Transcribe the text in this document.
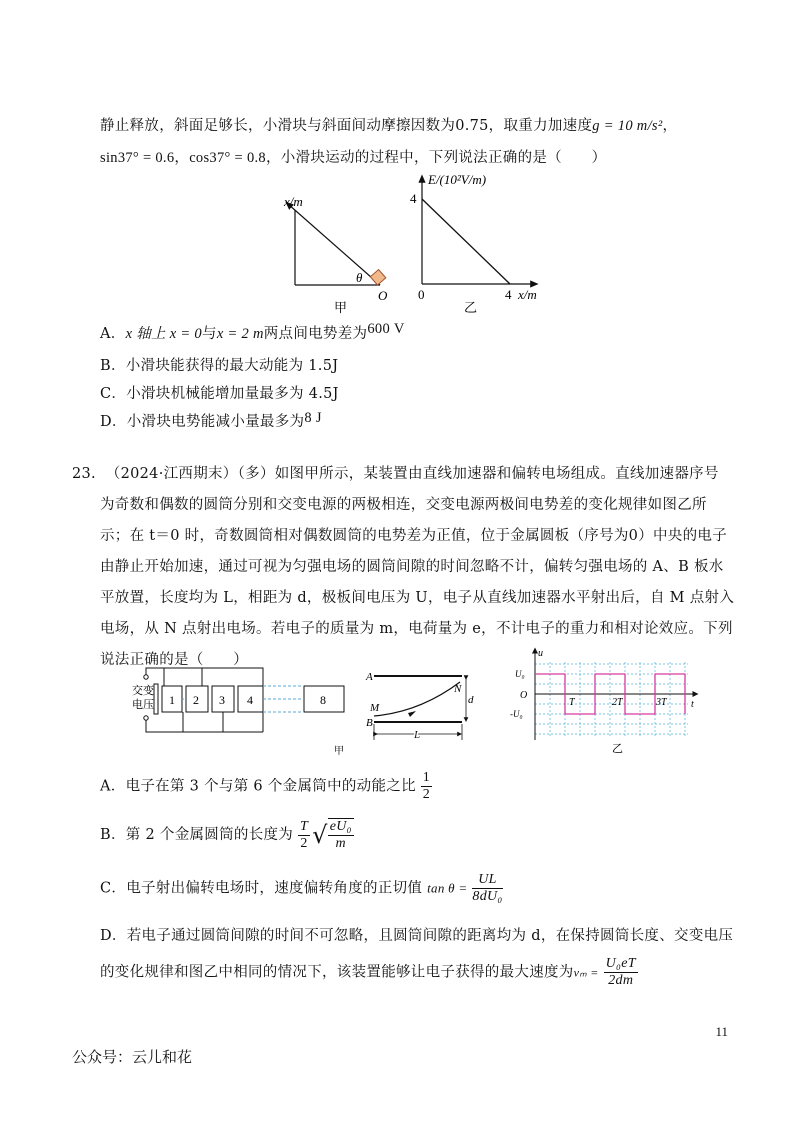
静止释放，斜面足够长，小滑块与斜面间动摩擦因数为0.75，取重力加速度g = 10 m/s²，
sin37° = 0.6，cos37° = 0.8，小滑块运动的过程中，下列说法正确的是（　　）
x/m
θ
O
甲
E/(10²V/m)
4
0	4 x/m
乙
A．x 轴上 x = 0与x = 2 m两点间电势差为600 V
B．小滑块能获得的最大动能为 1.5J
C．小滑块机械能增加量最多为 4.5J
D．小滑块电势能减小量最多为8 J
23. （2024·江西期末）（多）如图甲所示，某装置由直线加速器和偏转电场组成。直线加速器序号
为奇数和偶数的圆筒分别和交变电源的两极相连，交变电源两极间电势差的变化规律如图乙所
示；在 t＝0 时，奇数圆筒相对偶数圆筒的电势差为正值，位于金属圆板（序号为0）中央的电子
由静止开始加速，通过可视为匀强电场的圆筒间隙的时间忽略不计，偏转匀强电场的 A、B 板水
平放置，长度均为 L，相距为 d，极板间电压为 U，电子从直线加速器水平射出后，自 M 点射入
电场，从 N 点射出电场。若电子的质量为 m，电荷量为 e，不计电子的重力和相对论效应。下列
说法正确的是（　　）
交变
电压 1 2 3 4	8
甲
A
B
M
N
d
L
u
U₀
O
-U₀
T	2T	3T t
乙
A．电子在第 3 个与第 6 个金属筒中的动能之比 $\frac{1}{2}$
B．第 2 个金属圆筒的长度为 $\frac{T}{2}$ √ $\frac{\text{eU₀}}{m}$
C．电子射出偏转电场时，速度偏转角度的正切值 $\tan \theta = \frac{UL}{\text{8dU₀}}$
D．若电子通过圆筒间隙的时间不可忽略，且圆筒间隙的距离均为 d，在保持圆筒长度、交变电压
的变化规律和图乙中相同的情况下，该装置能够让电子获得的最大速度为$v_m = \frac{\text{U₀eT}}{2dm}$
11
公众号：云儿和花
